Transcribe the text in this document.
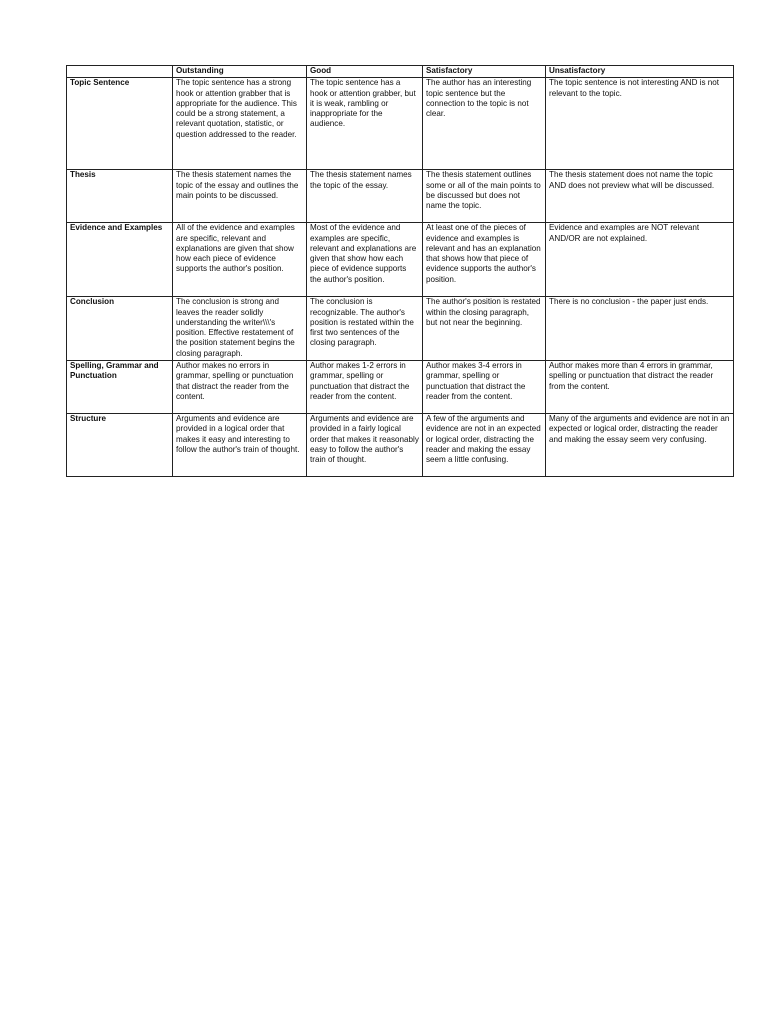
	Outstanding	Good	Satisfactory	Unsatisfactory
Topic Sentence	The topic sentence has a strong hook or attention grabber that is appropriate for the audience. This could be a strong statement, a relevant quotation, statistic, or question addressed to the reader.	The topic sentence has a hook or attention grabber, but it is weak, rambling or inappropriate for the audience.	The author has an interesting topic sentence but the connection to the topic is not clear.	The topic sentence is not interesting AND is not relevant to the topic.
Thesis	The thesis statement names the topic of the essay and outlines the main points to be discussed.	The thesis statement names the topic of the essay.	The thesis statement outlines some or all of the main points to be discussed but does not name the topic.	The thesis statement does not name the topic AND does not preview what will be discussed.
Evidence and Examples	All of the evidence and examples are specific, relevant and explanations are given that show how each piece of evidence supports the author's position.	Most of the evidence and examples are specific, relevant and explanations are given that show how each piece of evidence supports the author's position.	At least one of the pieces of evidence and examples is relevant and has an explanation that shows how that piece of evidence supports the author's position.	Evidence and examples are NOT relevant AND/OR are not explained.
Conclusion	The conclusion is strong and leaves the reader solidly understanding the writer\\\'s position. Effective restatement of the position statement begins the closing paragraph.	The conclusion is recognizable. The author's position is restated within the first two sentences of the closing paragraph.	The author's position is restated within the closing paragraph, but not near the beginning.	There is no conclusion - the paper just ends.
Spelling, Grammar and Punctuation	Author makes no errors in grammar, spelling or punctuation that distract the reader from the content.	Author makes 1-2 errors in grammar, spelling or punctuation that distract the reader from the content.	Author makes 3-4 errors in grammar, spelling or punctuation that distract the reader from the content.	Author makes more than 4 errors in grammar, spelling or punctuation that distract the reader from the content.
Structure	Arguments and evidence are provided in a logical order that makes it easy and interesting to follow the author's train of thought.	Arguments and evidence are provided in a fairly logical order that makes it reasonably easy to follow the author's train of thought.	A few of the arguments and evidence are not in an expected or logical order, distracting the reader and making the essay seem a little confusing.	Many of the arguments and evidence are not in an expected or logical order, distracting the reader and making the essay seem very confusing.
